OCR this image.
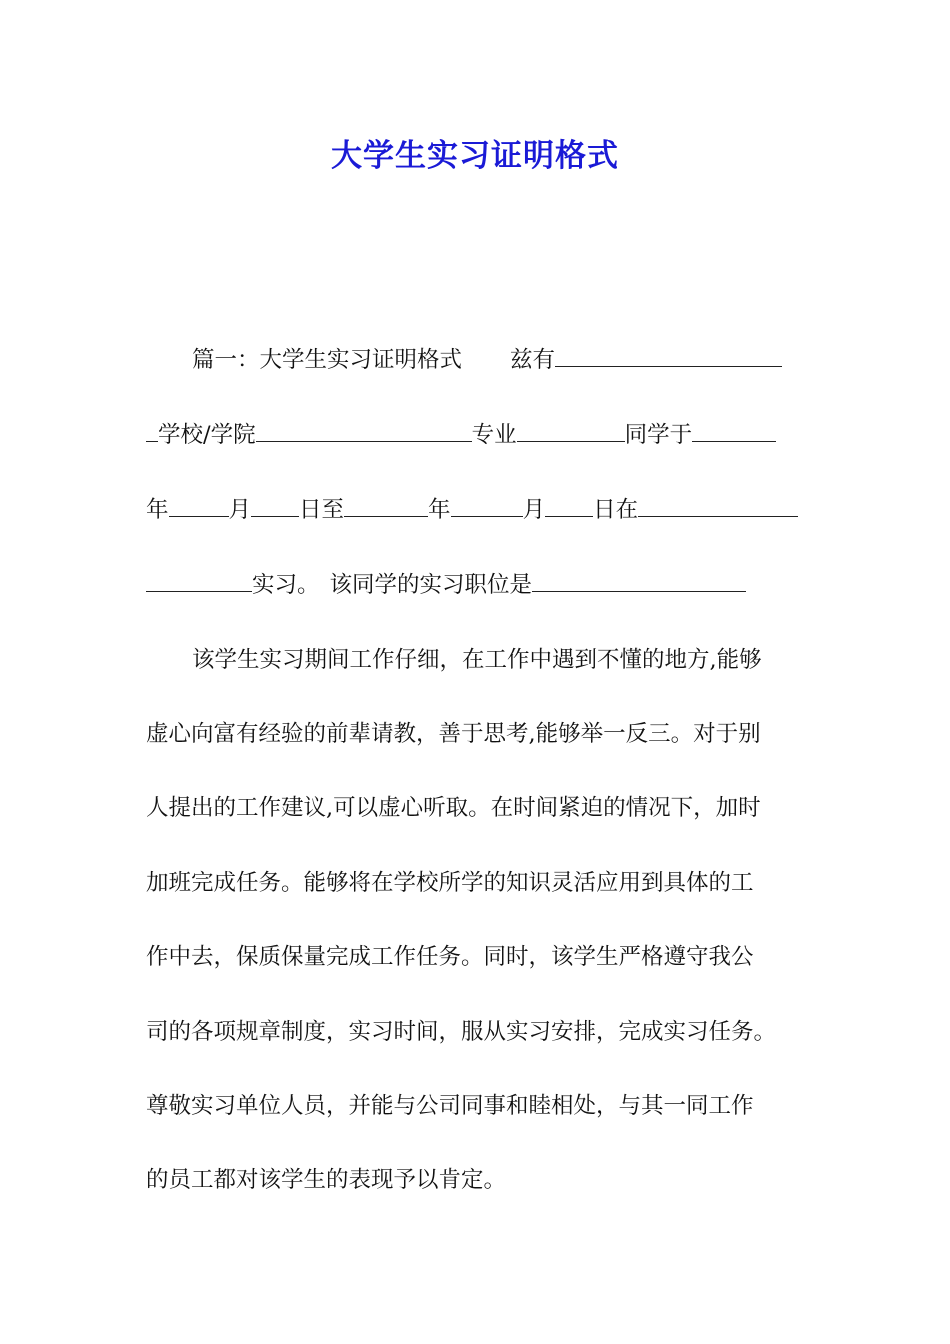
大学生实习证明格式
篇一：大学生实习证明格式 兹有
学校/学院	专业	同学于
年	月 日至	年	月 日在
实习。 该同学的实习职位是
该学生实习期间工作仔细，在工作中遇到不懂的地方,能够
虚心向富有经验的前辈请教，善于思考,能够举一反三。对于别
人提出的工作建议,可以虚心听取。在时间紧迫的情况下，加时
加班完成任务。能够将在学校所学的知识灵活应用到具体的工
作中去，保质保量完成工作任务。同时，该学生严格遵守我公
司的各项规章制度，实习时间，服从实习安排，完成实习任务。
尊敬实习单位人员，并能与公司同事和睦相处，与其一同工作
的员工都对该学生的表现予以肯定。
